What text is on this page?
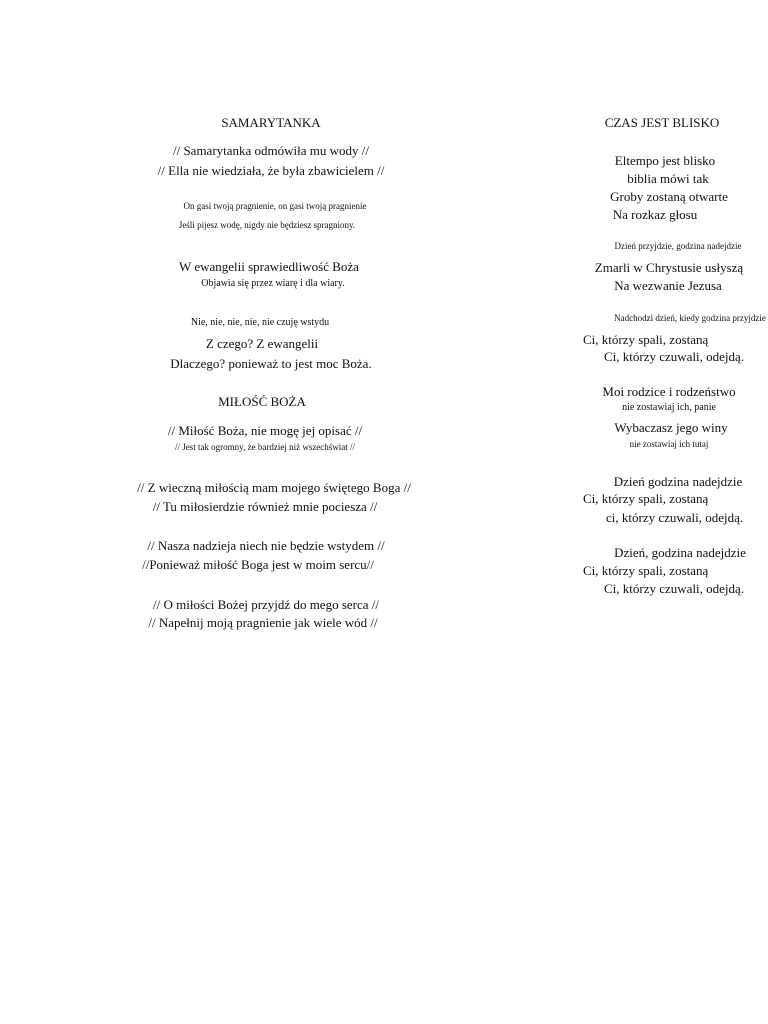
SAMARYTANKA
// Samarytanka odmówiła mu wody //
// Ella nie wiedziała, że była zbawicielem //
On gasi twoją pragnienie, on gasi twoją pragnienie
Jeśli pijesz wodę, nigdy nie będziesz spragniony.
W ewangelii sprawiedliwość Boża
Objawia się przez wiarę i dla wiary.
Nie, nie, nie, nie, nie czuję wstydu
Z czego? Z ewangelii
Dlaczego? ponieważ to jest moc Boża.
MIŁOŚĆ BOŻA
// Miłość Boża, nie mogę jej opisać //
// Jest tak ogromny, że bardziej niż wszechświat //
// Z wieczną miłością mam mojego świętego Boga //
// Tu miłosierdzie również mnie pociesza //
// Nasza nadzieja niech nie będzie wstydem //
//Ponieważ miłość Boga jest w moim sercu//
// O miłości Bożej przyjdź do mego serca //
// Napełnij moją pragnienie jak wiele wód //
CZAS JEST BLISKO
Eltempo jest blisko
biblia mówi tak
Groby zostaną otwarte
Na rozkaz głosu
Dzień przyjdzie, godzina nadejdzie
Zmarli w Chrystusie usłyszą
Na wezwanie Jezusa
Nadchodzi dzień, kiedy godzina przyjdzie
Ci, którzy spali, zostaną
Ci, którzy czuwali, odejdą.
Moi rodzice i rodzeństwo
nie zostawiaj ich, panie
Wybaczasz jego winy
nie zostawiaj ich tutaj
Dzień godzina nadejdzie
Ci, którzy spali, zostaną
ci, którzy czuwali, odejdą.
Dzień, godzina nadejdzie
Ci, którzy spali, zostaną
Ci, którzy czuwali, odejdą.
